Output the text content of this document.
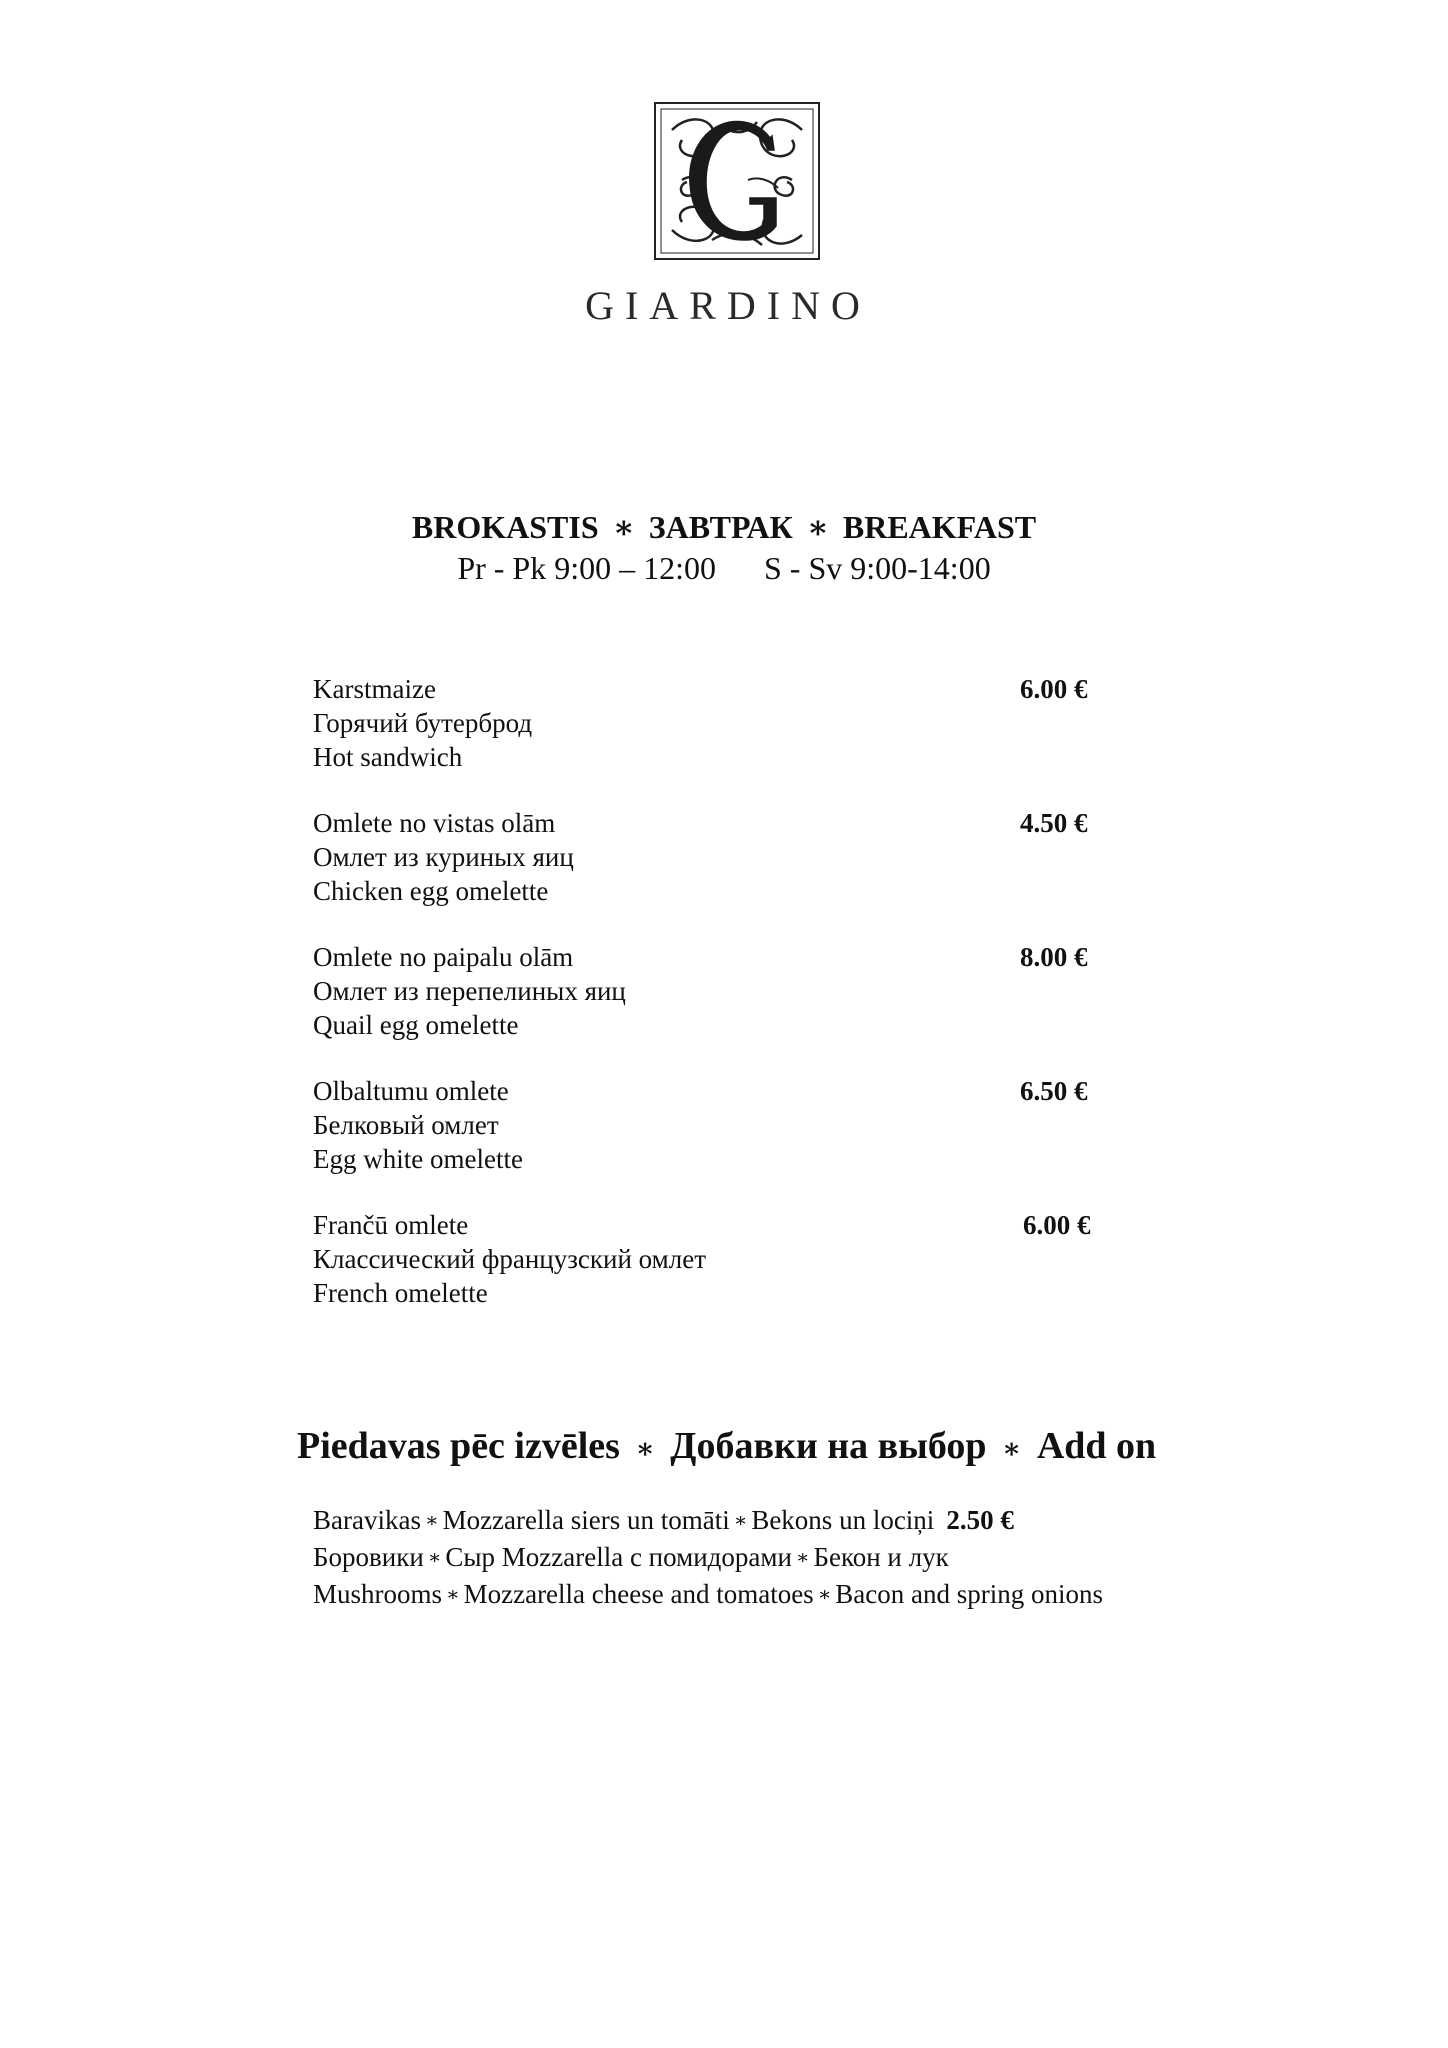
GIARDINO
BROKASTIS ∗ ЗАВТРАК ∗ BREAKFAST
Pr - Pk 9:00 – 12:00 S - Sv 9:00-14:00
Karstmaize
Горячий бутерброд
Hot sandwich
6.00 €
Omlete no vistas olām
Омлет из куриных яиц
Chicken egg omelette
4.50 €
Omlete no paipalu olām
Омлет из перепелиных яиц
Quail egg omelette
8.00 €
Olbaltumu omlete
Белковый омлет
Egg white omelette
6.50 €
Frančū omlete
Классический французский омлет
French omelette
6.00 €
Piedavas pēc izvēles ∗ Добавки на выбор ∗ Add on
Baravikas ∗ Mozzarella siers un tomāti ∗ Bekons un lociņi 2.50 €
Боровики ∗ Сыр Mozzarella с помидорами ∗ Бекон и лук
Mushrooms ∗ Mozzarella cheese and tomatoes ∗ Bacon and spring onions
